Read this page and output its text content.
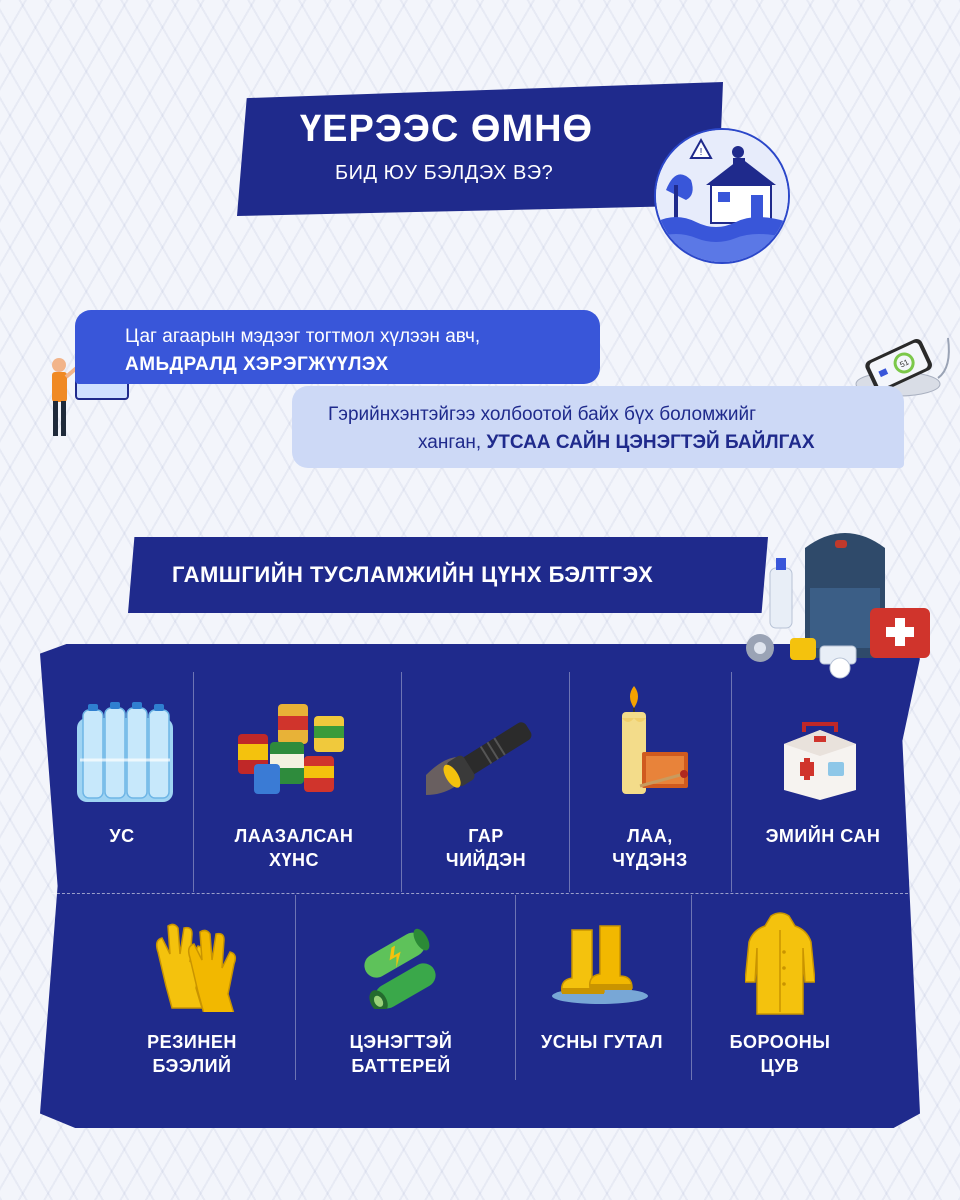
ҮЕРЭЭС ӨМНӨ
БИД ЮУ БЭЛДЭХ ВЭ?
!
Цаг агаарын мэдээг тогтмол хүлээн авч,
АМЬДРАЛД ХЭРЭГЖҮҮЛЭХ	51
Гэрийнхэнтэйгээ холбоотой байх бүх боломжийг
ханган, УТСАА САЙН ЦЭНЭГТЭЙ БАЙЛГАХ
ГАМШГИЙН ТУСЛАМЖИЙН ЦҮНХ БЭЛТГЭХ
УС	ЛААЗАЛСАН
ХҮНС
ГАР
ЧИЙДЭН
ЛАА,
ЧҮДЭНЗ
ЭМИЙН САН
РЕЗИНЕН
БЭЭЛИЙ
ЦЭНЭГТЭЙ
БАТТЕРЕЙ
УСНЫ ГУТАЛ	БОРООНЫ
ЦУВ
